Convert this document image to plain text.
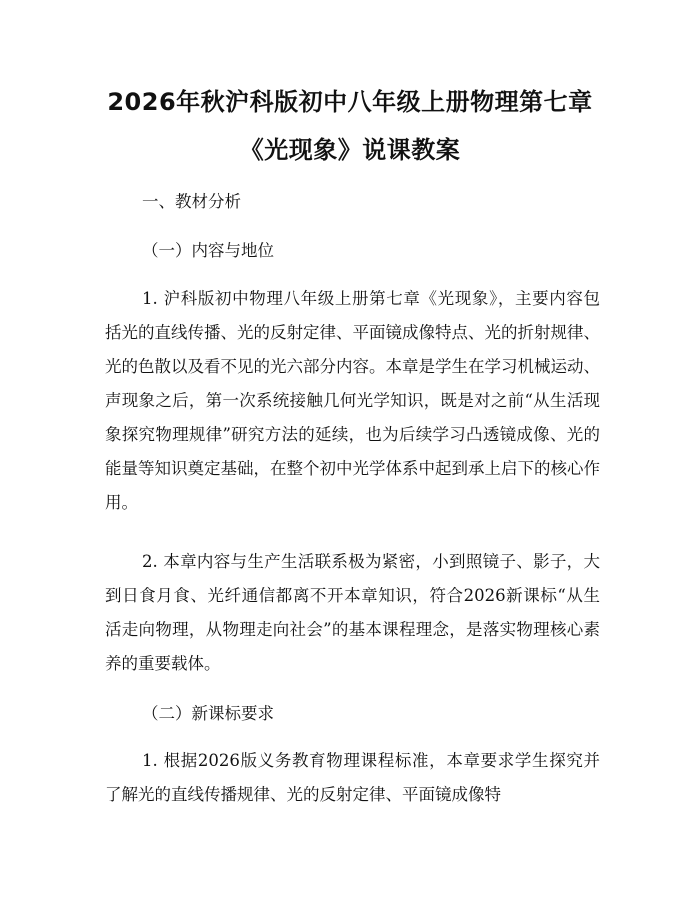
2026年秋沪科版初中八年级上册物理第七章
《光现象》说课教案
一、教材分析
（一）内容与地位

1. 沪科版初中物理八年级上册第七章《光现象》，主要内容包括光的直线传播、光的反射定律、平面镜成像特点、光的折射规律、光的色散以及看不见的光六部分内容。本章是学生在学习机械运动、声现象之后，第一次系统接触几何光学知识，既是对之前“从生活现象探究物理规律”研究方法的延续，也为后续学习凸透镜成像、光的能量等知识奠定基础，在整个初中光学体系中起到承上启下的核心作用。

2. 本章内容与生产生活联系极为紧密，小到照镜子、影子，大到日食月食、光纤通信都离不开本章知识，符合2026新课标“从生活走向物理，从物理走向社会”的基本课程理念，是落实物理核心素养的重要载体。

（二）新课标要求

1. 根据2026版义务教育物理课程标准，本章要求学生探究并了解光的直线传播规律、光的反射定律、平面镜成像特
